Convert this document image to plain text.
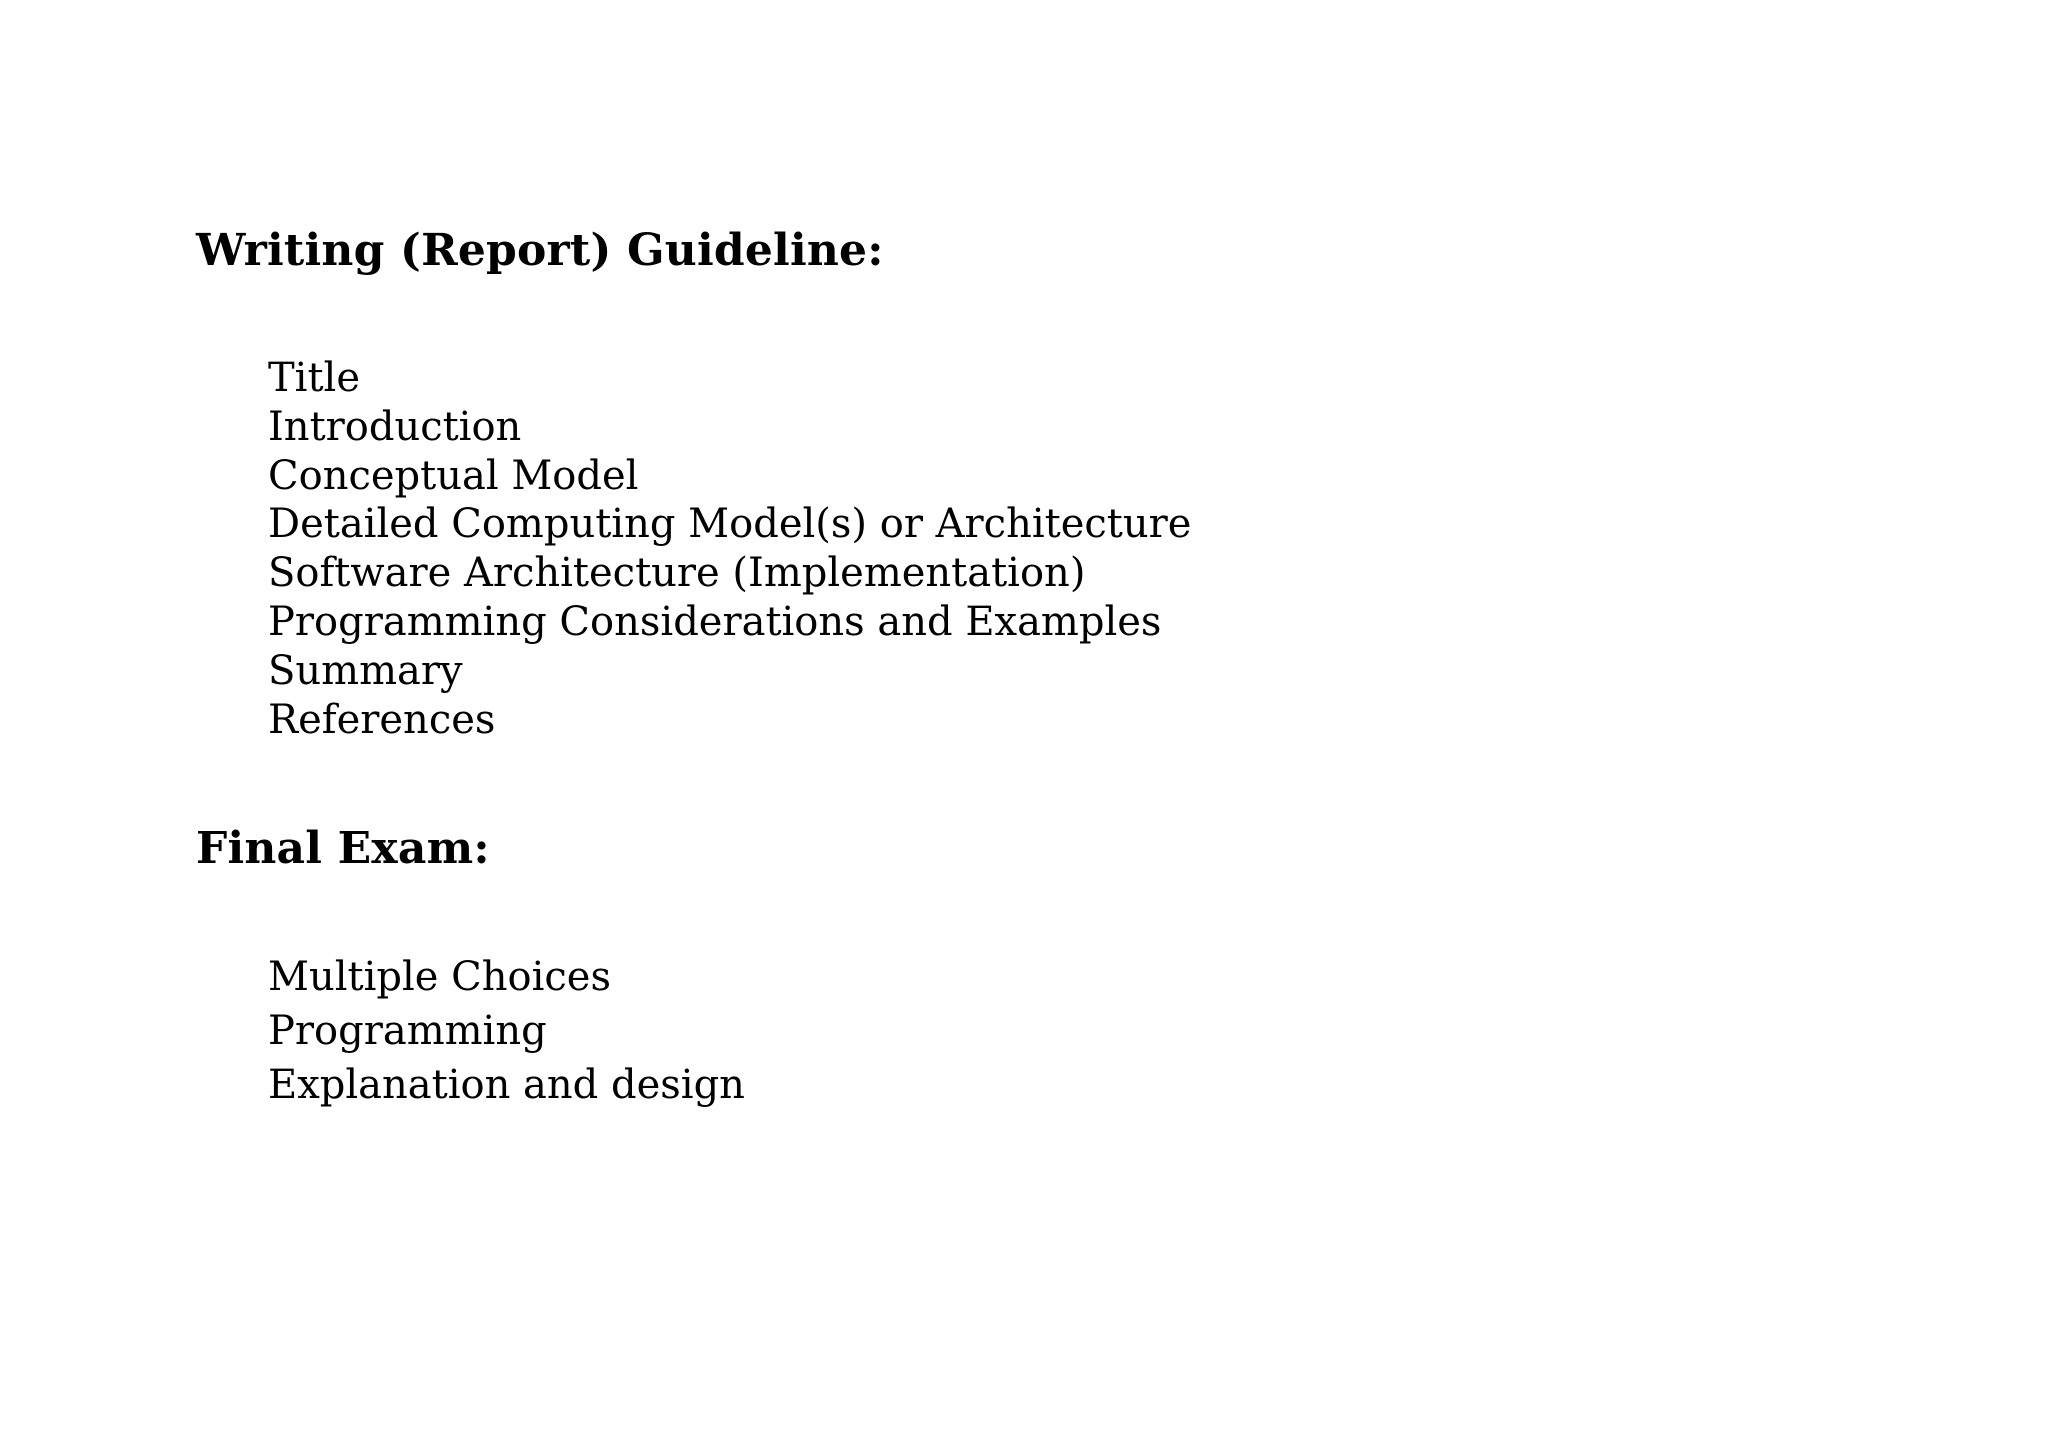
Writing (Report) Guideline:
Title
Introduction
Conceptual Model
Detailed Computing Model(s) or Architecture
Software Architecture (Implementation)
Programming Considerations and Examples
Summary
References
Final Exam:
Multiple Choices
Programming
Explanation and design
